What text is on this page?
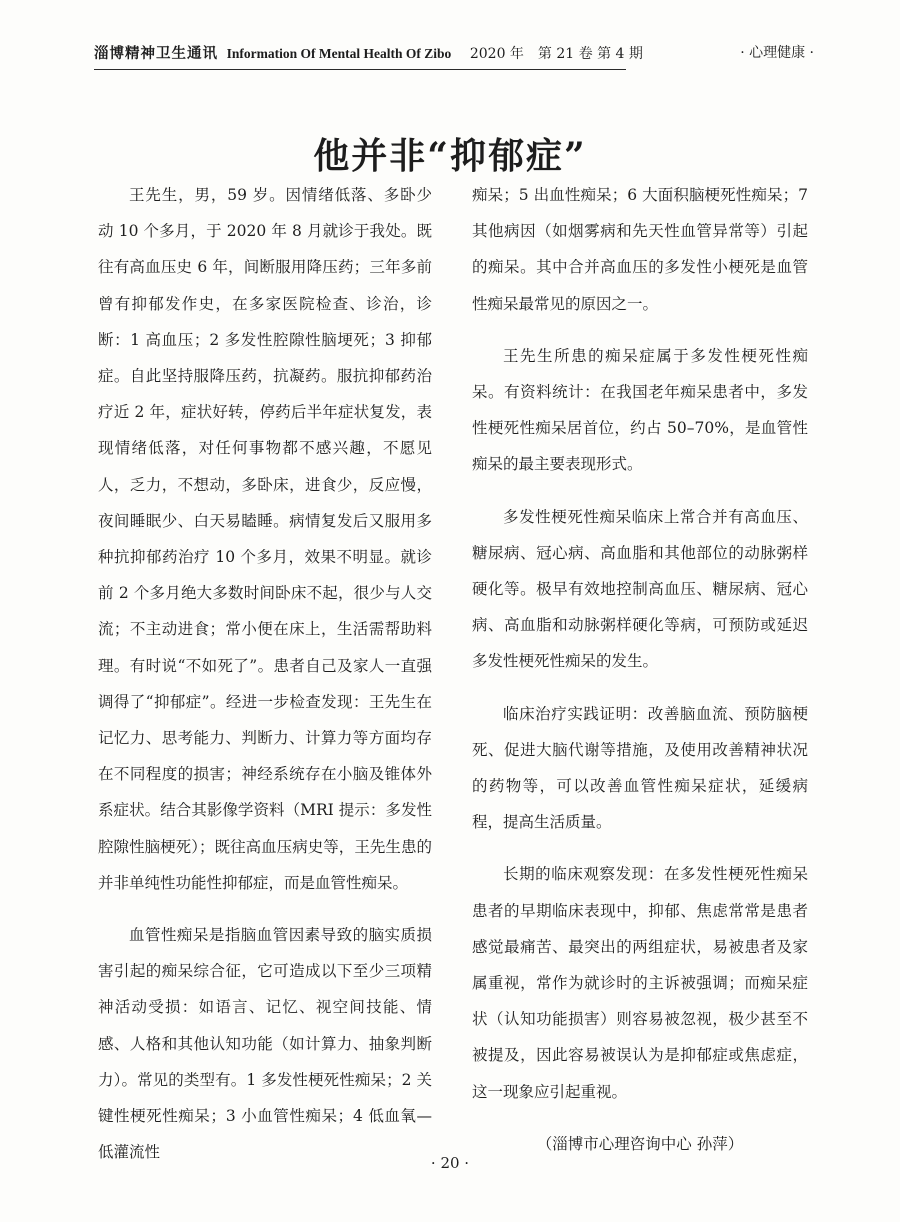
淄博精神卫生通讯 Information Of Mental Health Of Zibo 2020 年　第 21 卷 第 4 期	· 心理健康 ·
他并非“抑郁症”

王先生，男，59 岁。因情绪低落、多卧少动 10 个多月，于 2020 年 8 月就诊于我处。既往有高血压史 6 年，间断服用降压药；三年多前曾有抑郁发作史，在多家医院检查、诊治，诊断：1 高血压；2 多发性腔隙性脑埂死；3 抑郁症。自此坚持服降压药，抗凝药。服抗抑郁药治疗近 2 年，症状好转，停药后半年症状复发，表现情绪低落，对任何事物都不感兴趣，不愿见人，乏力，不想动，多卧床，进食少，反应慢，夜间睡眠少、白天易瞌睡。病情复发后又服用多种抗抑郁药治疗 10 个多月，效果不明显。就诊前 2 个多月绝大多数时间卧床不起，很少与人交流；不主动进食；常小便在床上，生活需帮助料理。有时说“不如死了”。患者自己及家人一直强调得了“抑郁症”。经进一步检查发现：王先生在记忆力、思考能力、判断力、计算力等方面均存在不同程度的损害；神经系统存在小脑及锥体外系症状。结合其影像学资料（MRI 提示：多发性腔隙性脑梗死）；既往高血压病史等，王先生患的并非单纯性功能性抑郁症，而是血管性痴呆。

血管性痴呆是指脑血管因素导致的脑实质损害引起的痴呆综合征，它可造成以下至少三项精神活动受损：如语言、记忆、视空间技能、情感、人格和其他认知功能（如计算力、抽象判断力）。常见的类型有。1 多发性梗死性痴呆；2 关键性梗死性痴呆；3 小血管性痴呆；4 低血氧—低灌流性

痴呆；5 出血性痴呆；6 大面积脑梗死性痴呆；7 其他病因（如烟雾病和先天性血管异常等）引起的痴呆。其中合并高血压的多发性小梗死是血管性痴呆最常见的原因之一。

王先生所患的痴呆症属于多发性梗死性痴呆。有资料统计：在我国老年痴呆患者中，多发性梗死性痴呆居首位，约占 50–70%，是血管性痴呆的最主要表现形式。

多发性梗死性痴呆临床上常合并有高血压、糖尿病、冠心病、高血脂和其他部位的动脉粥样硬化等。极早有效地控制高血压、糖尿病、冠心病、高血脂和动脉粥样硬化等病，可预防或延迟多发性梗死性痴呆的发生。

临床治疗实践证明：改善脑血流、预防脑梗死、促进大脑代谢等措施，及使用改善精神状况的药物等，可以改善血管性痴呆症状，延缓病程，提高生活质量。

长期的临床观察发现：在多发性梗死性痴呆患者的早期临床表现中，抑郁、焦虑常常是患者感觉最痛苦、最突出的两组症状，易被患者及家属重视，常作为就诊时的主诉被强调；而痴呆症状（认知功能损害）则容易被忽视，极少甚至不被提及，因此容易被误认为是抑郁症或焦虑症，这一现象应引起重视。

（淄博市心理咨询中心 孙萍）

· 20 ·
